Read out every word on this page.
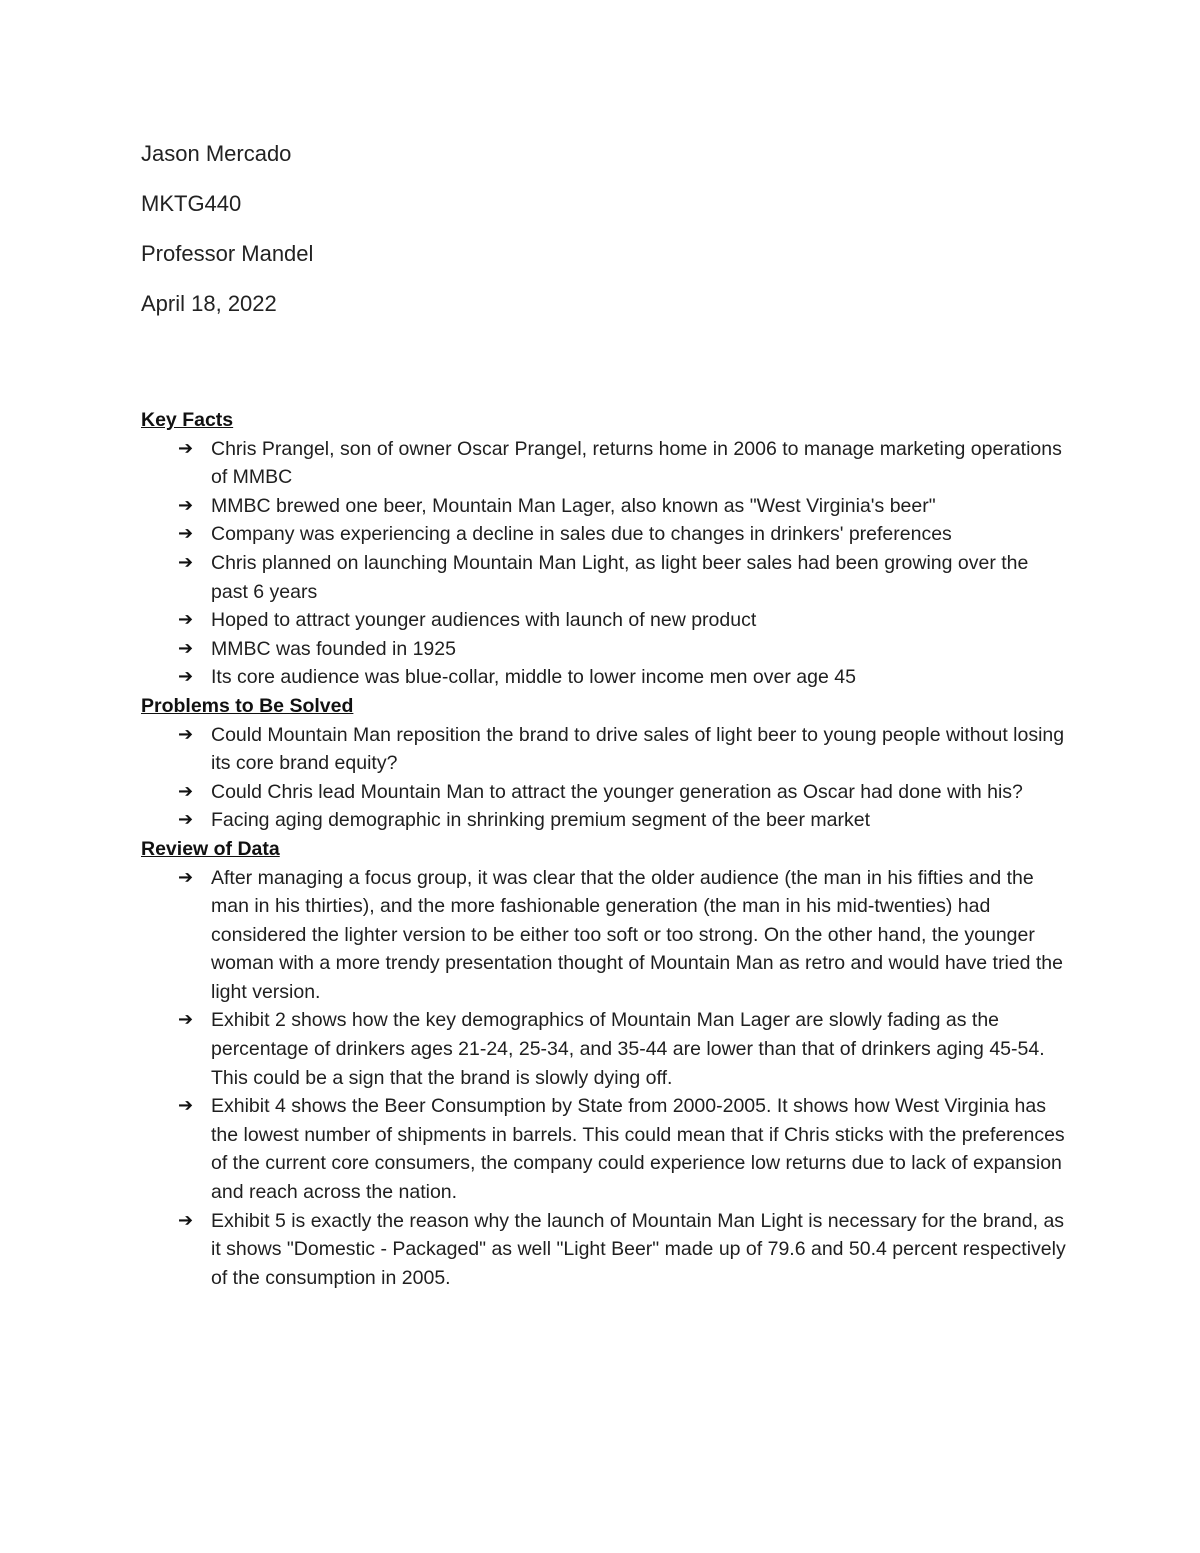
Jason Mercado
MKTG440
Professor Mandel
April 18, 2022
Key Facts
➔ Chris Prangel, son of owner Oscar Prangel, returns home in 2006 to manage marketing operations of MMBC
➔ MMBC brewed one beer, Mountain Man Lager, also known as "West Virginia's beer"
➔ Company was experiencing a decline in sales due to changes in drinkers' preferences
➔ Chris planned on launching Mountain Man Light, as light beer sales had been growing over the past 6 years
➔ Hoped to attract younger audiences with launch of new product
➔ MMBC was founded in 1925
➔ Its core audience was blue-collar, middle to lower income men over age 45
Problems to Be Solved
➔ Could Mountain Man reposition the brand to drive sales of light beer to young people without losing its core brand equity?
➔ Could Chris lead Mountain Man to attract the younger generation as Oscar had done with his?
➔ Facing aging demographic in shrinking premium segment of the beer market
Review of Data
➔ After managing a focus group, it was clear that the older audience (the man in his fifties and the man in his thirties), and the more fashionable generation (the man in his mid-twenties) had considered the lighter version to be either too soft or too strong. On the other hand, the younger woman with a more trendy presentation thought of Mountain Man as retro and would have tried the light version.
➔ Exhibit 2 shows how the key demographics of Mountain Man Lager are slowly fading as the percentage of drinkers ages 21-24, 25-34, and 35-44 are lower than that of drinkers aging 45-54. This could be a sign that the brand is slowly dying off.
➔ Exhibit 4 shows the Beer Consumption by State from 2000-2005. It shows how West Virginia has the lowest number of shipments in barrels. This could mean that if Chris sticks with the preferences of the current core consumers, the company could experience low returns due to lack of expansion and reach across the nation.
➔ Exhibit 5 is exactly the reason why the launch of Mountain Man Light is necessary for the brand, as it shows "Domestic - Packaged" as well "Light Beer" made up of 79.6 and 50.4 percent respectively of the consumption in 2005.
